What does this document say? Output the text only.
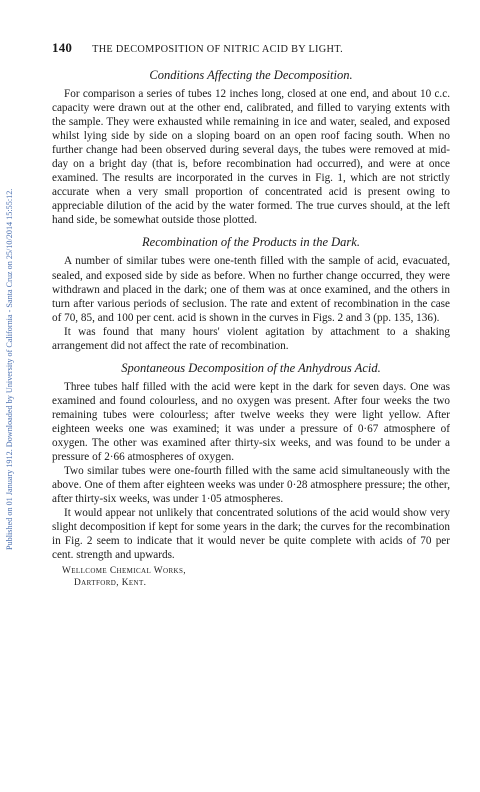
Published on 01 January 1912. Downloaded by University of California - Santa Cruz on 25/10/2014 15:55:12.
140 THE DECOMPOSITION OF NITRIC ACID BY LIGHT.
Conditions Affecting the Decomposition.

For comparison a series of tubes 12 inches long, closed at one end, and about 10 c.c. capacity were drawn out at the other end, calibrated, and filled to varying extents with the sample. They were exhausted while remaining in ice and water, sealed, and exposed whilst lying side by side on a sloping board on an open roof facing south. When no further change had been observed during several days, the tubes were removed at mid-day on a bright day (that is, before recombination had occurred), and were at once examined. The results are incorporated in the curves in Fig. 1, which are not strictly accurate when a very small proportion of concentrated acid is present owing to appreciable dilution of the acid by the water formed. The true curves should, at the left hand side, be somewhat outside those plotted.

Recombination of the Products in the Dark.

A number of similar tubes were one-tenth filled with the sample of acid, evacuated, sealed, and exposed side by side as before. When no further change occurred, they were withdrawn and placed in the dark; one of them was at once examined, and the others in turn after various periods of seclusion. The rate and extent of recombination in the case of 70, 85, and 100 per cent. acid is shown in the curves in Figs. 2 and 3 (pp. 135, 136).

It was found that many hours' violent agitation by attachment to a shaking arrangement did not affect the rate of recombination.

Spontaneous Decomposition of the Anhydrous Acid.

Three tubes half filled with the acid were kept in the dark for seven days. One was examined and found colourless, and no oxygen was present. After four weeks the two remaining tubes were colourless; after twelve weeks they were light yellow. After eighteen weeks one was examined; it was under a pressure of 0·67 atmosphere of oxygen. The other was examined after thirty-six weeks, and was found to be under a pressure of 2·66 atmospheres of oxygen.

Two similar tubes were one-fourth filled with the same acid simultaneously with the above. One of them after eighteen weeks was under 0·28 atmosphere pressure; the other, after thirty-six weeks, was under 1·05 atmospheres.

It would appear not unlikely that concentrated solutions of the acid would show very slight decomposition if kept for some years in the dark; the curves for the recombination in Fig. 2 seem to indicate that it would never be quite complete with acids of 70 per cent. strength and upwards.

Wellcome Chemical Works,
Dartford, Kent.
